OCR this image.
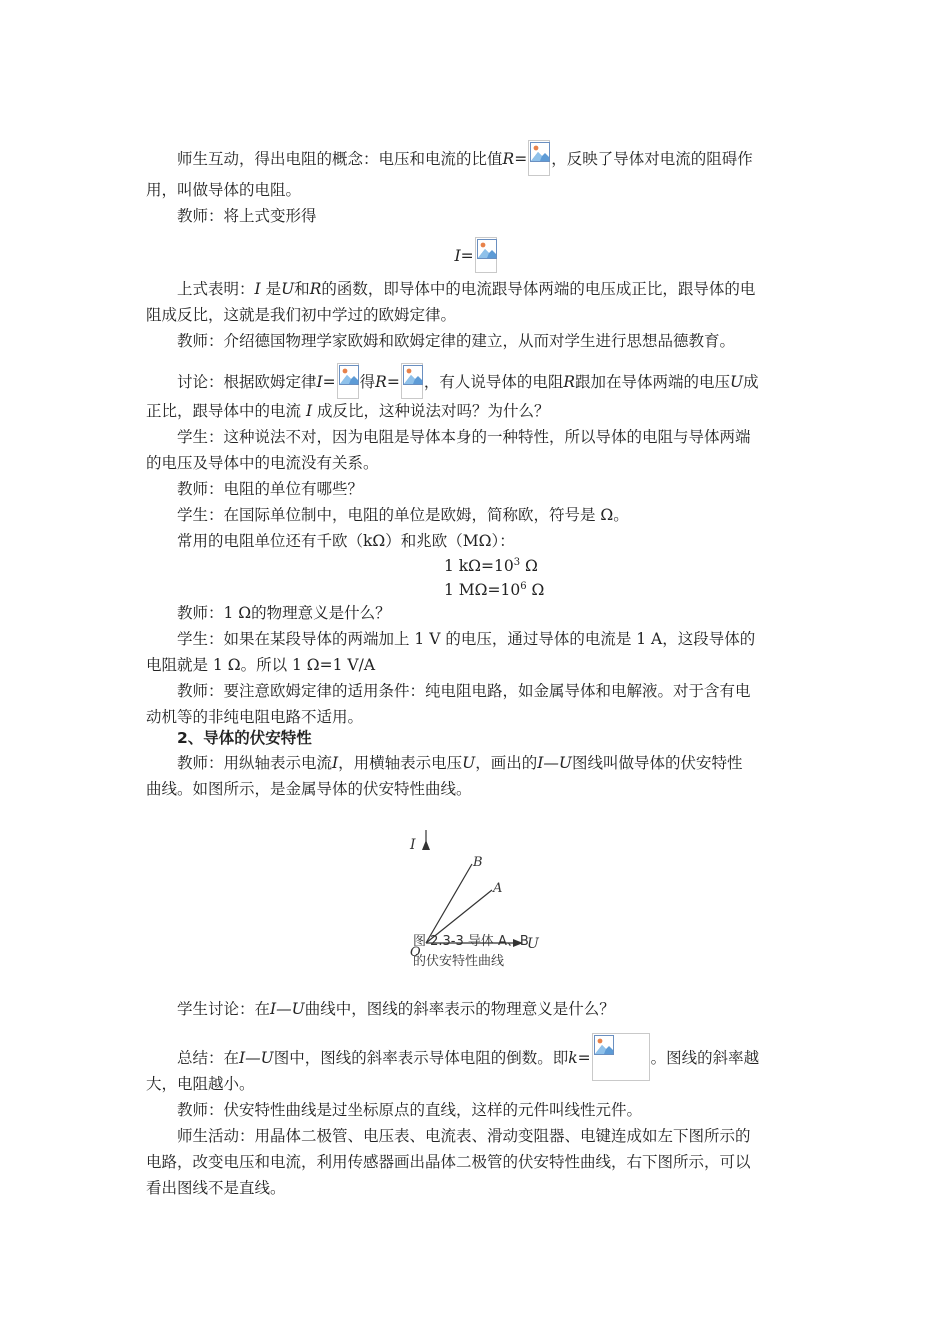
师生互动，得出电阻的概念：电压和电流的比值R= ，反映了导体对电流的阻碍作
用，叫做导体的电阻。
教师：将上式变形得
I=
上式表明：I 是U和R的函数，即导体中的电流跟导体两端的电压成正比，跟导体的电
阻成反比，这就是我们初中学过的欧姆定律。
教师：介绍德国物理学家欧姆和欧姆定律的建立，从而对学生进行思想品德教育。
讨论：根据欧姆定律I= 得R= ，有人说导体的电阻R跟加在导体两端的电压U成
正比，跟导体中的电流 I 成反比，这种说法对吗？为什么？
学生：这种说法不对，因为电阻是导体本身的一种特性，所以导体的电阻与导体两端
的电压及导体中的电流没有关系。
教师：电阻的单位有哪些？
学生：在国际单位制中，电阻的单位是欧姆，简称欧，符号是 Ω。
常用的电阻单位还有千欧（kΩ）和兆欧（MΩ）：
1 $k\Omega=10^3$ Ω
1 $M\Omega=10^6$ Ω
教师：1 Ω的物理意义是什么？
学生：如果在某段导体的两端加上 1 V 的电压，通过导体的电流是 1 A，这段导体的
电阻就是 1 Ω。所以 1 Ω=1 V/A
教师：要注意欧姆定律的适用条件：纯电阻电路，如金属导体和电解液。对于含有电
动机等的非纯电阻电路不适用。
2、导体的伏安特性
教师：用纵轴表示电流I，用横轴表示电压U，画出的I—U图线叫做导体的伏安特性
曲线。如图所示，是金属导体的伏安特性曲线。
I
U
O
B
A
图 2.3-3 导体 A、B
的伏安特性曲线
学生讨论：在I—U曲线中，图线的斜率表示的物理意义是什么？
总结：在I—U图中，图线的斜率表示导体电阻的倒数。即k=	。图线的斜率越
大，电阻越小。
教师：伏安特性曲线是过坐标原点的直线，这样的元件叫线性元件。
师生活动：用晶体二极管、电压表、电流表、滑动变阻器、电键连成如左下图所示的
电路，改变电压和电流，利用传感器画出晶体二极管的伏安特性曲线，右下图所示，可以
看出图线不是直线。
